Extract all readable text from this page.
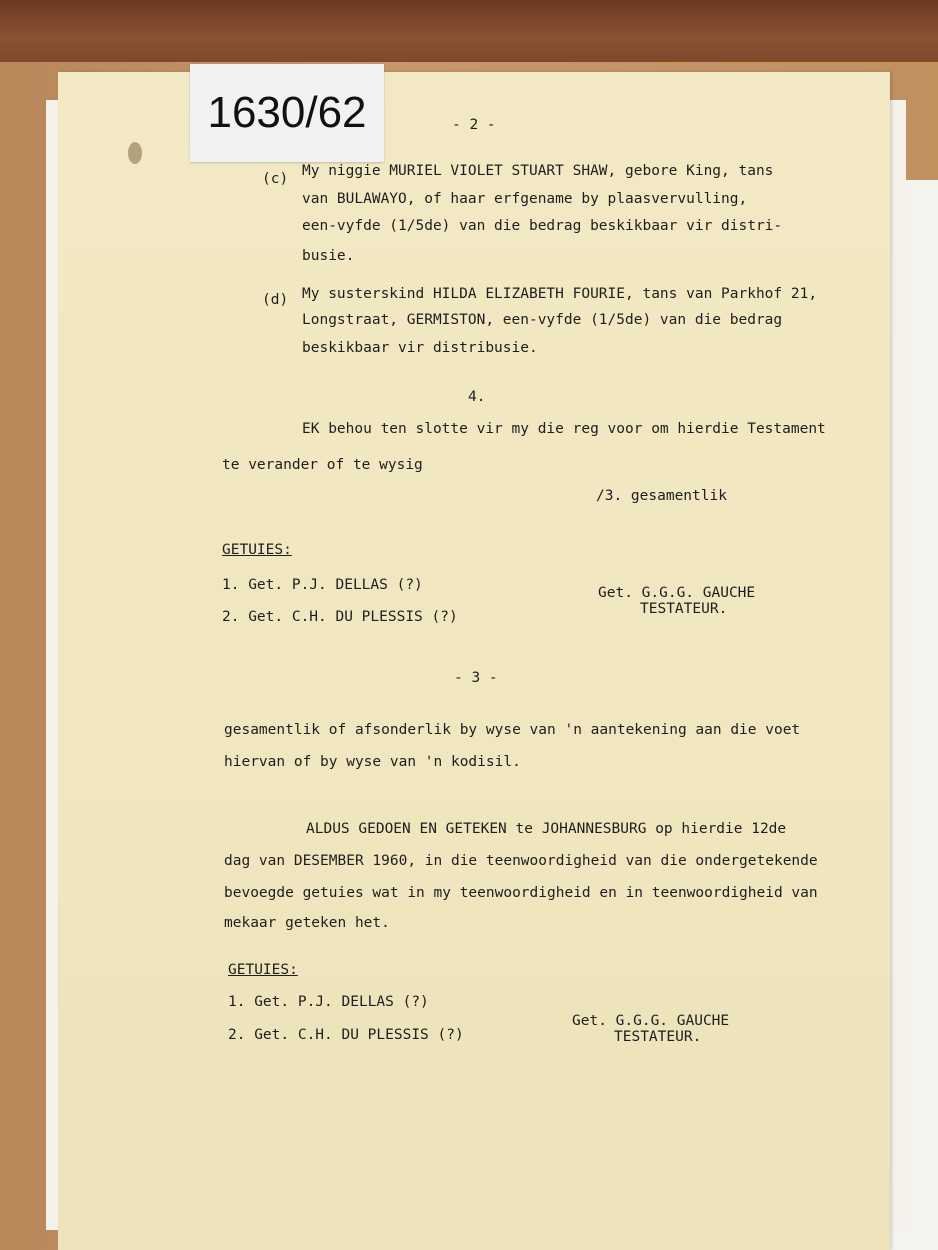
1630/62	- 2 -
(c) My niggie MURIEL VIOLET STUART SHAW, gebore King, tans
van BULAWAYO, of haar erfgename by plaasvervulling,
een-vyfde (1/5de) van die bedrag beskikbaar vir distri-
busie.
(d) My susterskind HILDA ELIZABETH FOURIE, tans van Parkhof 21,
Longstraat, GERMISTON, een-vyfde (1/5de) van die bedrag
beskikbaar vir distribusie.
4.
EK behou ten slotte vir my die reg voor om hierdie Testament
te verander of te wysig
/3. gesamentlik
GETUIES:
1. Get. P.J. DELLAS (?)
2. Get. C.H. DU PLESSIS (?)
Get. G.G.G. GAUCHE
TESTATEUR.
- 3 -
gesamentlik of afsonderlik by wyse van 'n aantekening aan die voet
hiervan of by wyse van 'n kodisil.
ALDUS GEDOEN EN GETEKEN te JOHANNESBURG op hierdie 12de
dag van DESEMBER 1960, in die teenwoordigheid van die ondergetekende
bevoegde getuies wat in my teenwoordigheid en in teenwoordigheid van
mekaar geteken het.
GETUIES:
1. Get. P.J. DELLAS (?)
2. Get. C.H. DU PLESSIS (?)
Get. G.G.G. GAUCHE
TESTATEUR.
